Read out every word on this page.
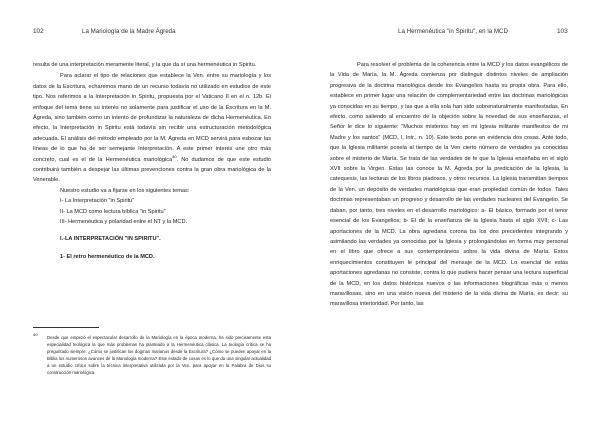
102	La Mariología de la Madre Ágreda

resulta de una interpretación meramente literal, y la que da sí una hermenéutica in Spiritu.

Para aclarar el tipo de relaciones que establece la Ven. entre su mariología y los datos de la Escritura, echaremos mano de un recurso todavía no utilizado en estudios de este tipo. Nos referimos a la Interpretación in Spiritu, propuesta por el Vaticano II en el n. 12b. El enfoque del tema tiene su interés no solamente para justificar el uso de la Escritura en la M. Ágreda, sino también como un intento de profundizar la naturaleza de dicha Hermenéutica. En efecto, la Interpretación in Spiritu está todavía sin recibir una estructuración metodológica adecuada. El análisis del método empleado por la M. Ágreda en MCD servirá para esbozar las líneas de lo que ha de ser semejante Interpretación. A este primer interés une otro más concreto, cual es el de la Hermenéutica mariológica$^{40}$. No dudamos de que este estudio contribuirá también a despejar las últimas prevenciones contra la gran obra mariológica de la Venerable.

Nuestro estudio va a fijarse en los siguientes temas:

I- La Interpretación "in Spiritu"
II- La MCD como lectura bíblica "in Spiritu"
III- Hermenéutica y polaridad entre el NT y la MCD.
I.-LA INTERPRETACIÓN "IN SPIRITU".
1- El retro hermenéutico de la MCD.
40
Desde que empezó el espectacular desarrollo de la Mariología en la época moderna, ha sido precisamente esta especialidad teológica la que más problemas ha planteado a la Hermenéutica clásica. La teología crítica se ha preguntado siempre: ¿Cómo se justifican los dogmas marianos desde la Escritura? ¿Cómo se pueden apoyar en la Biblia los numerosos avances de la Mariología moderna? Este estado de cosas es lo que da una singular actualidad a un estudio crítico sobre la técnica interpretativa utilizada por la Ven. para apoyar en la Palabra de Dios su construcción mariológica.
La Hermenéutica "in Spiritu", en la MCD	103

Para resolver el problema de la coherencia entre la MCD y los datos evangélicos de la Vida de María, la M. Ágreda comienza por distinguir distintos niveles de ampliación progresiva de la doctrina mariológica desde los Evangelios hasta su propia obra. Para ello, establece en primer lugar una relación de complementariedad entre las doctrinas mariológicas ya conocidas en su tiempo, y las que a ella sola han sido sobrenaturalmente manifestadas. En efecto, como saliendo al encuentro de la objeción sobre la novedad de sus enseñanzas, el Señor le dice lo siguiente: "Muchos misterios hay en mi Iglesia militante manifiestos de mi Madre y los santos" (MCD, I, Intr., n. 10). Este texto pone en evidencia dos cosas. Ante todo, que la Iglesia militante posela al tiempo de la Ven cierto número de verdades ya conocidas sobre el misterio de María. Se trata de las verdades de fe que la Iglesia enseñaba en el siglo XVII sobre la Virgen. Estas las conoce la M. Ágreda por la predicación de la Iglesia, la catequesis, las lecturas de los libros piadosos, y otros recursos. La Iglesia transmitían tiempos de la Ven. un depósito de verdades mariológicas que eran propiedad común de todos. Tales doctrinas representaban un progreso y desarrollo de las verdades nucleares del Evangelio. Se daban, por tanto, tres niveles en el desarrollo mariológico: a- El básico, formado por el tenor esencial de los Evangelios; b- El de la enseñanza de la Iglesia hasta el siglo XVII; c- Las aportaciones de la MCD. La obra agredana corona ba los dos precedentes integrando y asimilando las verdades ya conocidas por la Iglesia y prolongándolas en forma muy personal en el libro que ofrece a sus contemporáneos sobre la vida divina de María. Estos enriquecimientos constituyen le principal del mensaje de la MCD. Lo esencial de estas aportaciones agredanas no consiste, contra lo que pudiera hacer pensar una lectura superficial de la MCD, en los datos históricos nuevos o las informaciones biográficas más o menos maravillosas, sino en una visión nueva del misterio de la vida divina de María, es decir: su maravillosa interioridad. Por tanto, las
